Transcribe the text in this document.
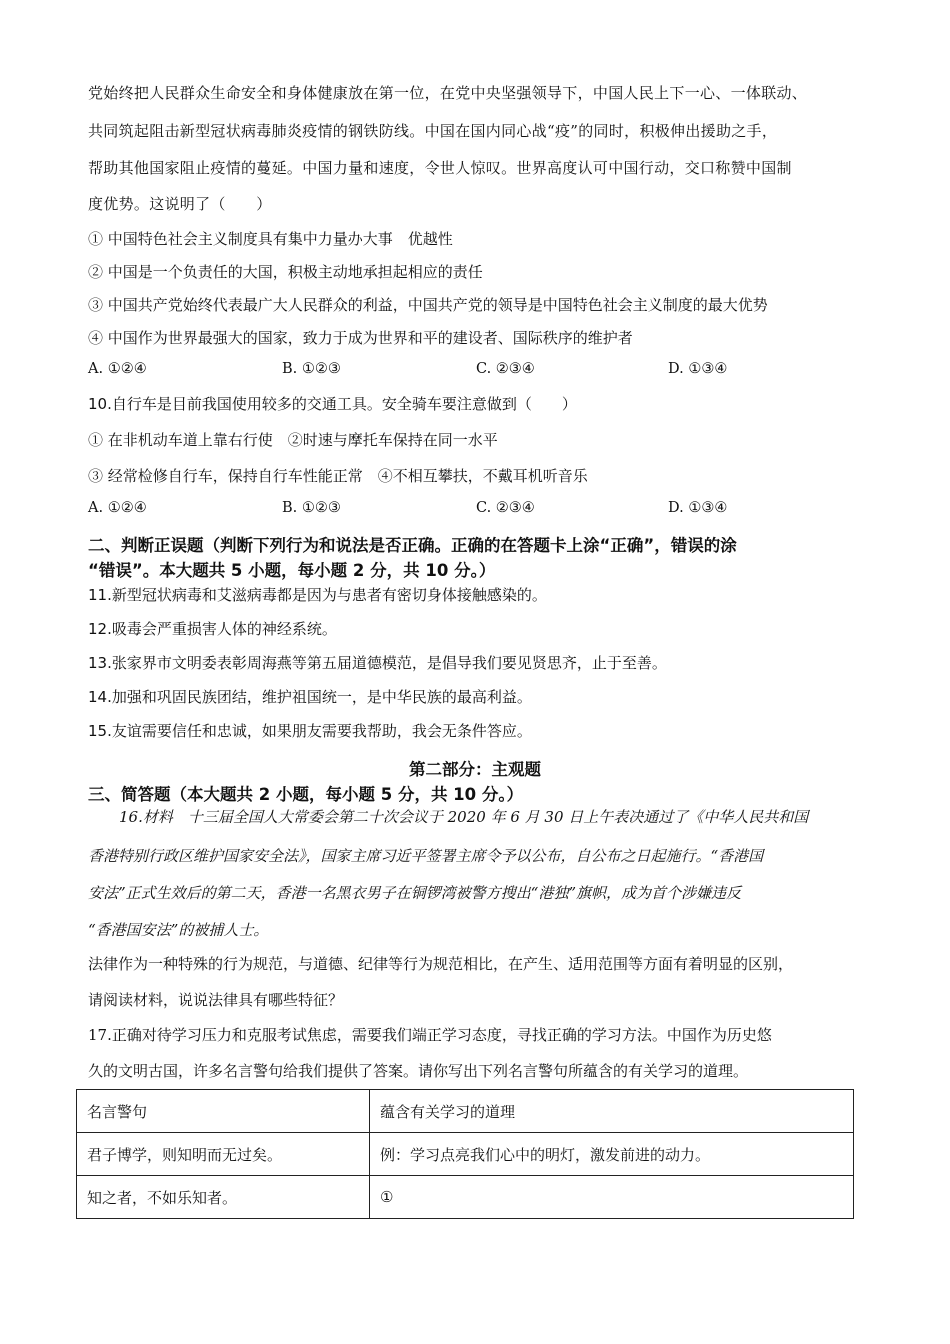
党始终把人民群众生命安全和身体健康放在第一位，在党中央坚强领导下，中国人民上下一心、一体联动、
共同筑起阻击新型冠状病毒肺炎疫情的钢铁防线。中国在国内同心战“疫”的同时，积极伸出援助之手，
帮助其他国家阻止疫情的蔓延。中国力量和速度，令世人惊叹。世界高度认可中国行动，交口称赞中国制
度优势。这说明了（　　）
① 中国特色社会主义制度具有集中力量办大事　优越性
② 中国是一个负责任的大国，积极主动地承担起相应的责任
③ 中国共产党始终代表最广大人民群众的利益，中国共产党的领导是中国特色社会主义制度的最大优势
④ 中国作为世界最强大的国家，致力于成为世界和平的建设者、国际秩序的维护者
A. ①②④	B. ①②③	C. ②③④	D. ①③④
10.自行车是目前我国使用较多的交通工具。安全骑车要注意做到（　　）
① 在非机动车道上靠右行使　②时速与摩托车保持在同一水平
③ 经常检修自行车，保持自行车性能正常　④不相互攀扶，不戴耳机听音乐
A. ①②④	B. ①②③	C. ②③④	D. ①③④
二、判断正误题（判断下列行为和说法是否正确。正确的在答题卡上涂“正确”，错误的涂
“错误”。本大题共 5 小题，每小题 2 分，共 10 分。）
11.新型冠状病毒和艾滋病毒都是因为与患者有密切身体接触感染的。
12.吸毒会严重损害人体的神经系统。
13.张家界市文明委表彰周海燕等第五届道德模范，是倡导我们要见贤思齐，止于至善。
14.加强和巩固民族团结，维护祖国统一，是中华民族的最高利益。
15.友谊需要信任和忠诚，如果朋友需要我帮助，我会无条件答应。
第二部分：主观题
三、简答题（本大题共 2 小题，每小题 5 分，共 10 分。）
16.材料　十三届全国人大常委会第二十次会议于 2020 年 6 月 30 日上午表决通过了《中华人民共和国
香港特别行政区维护国家安全法》，国家主席习近平签署主席令予以公布，自公布之日起施行。“香港国
安法”正式生效后的第二天，香港一名黑衣男子在铜锣湾被警方搜出“港独”旗帜，成为首个涉嫌违反
“香港国安法”的被捕人士。
法律作为一种特殊的行为规范，与道德、纪律等行为规范相比，在产生、适用范围等方面有着明显的区别，
请阅读材料，说说法律具有哪些特征？
17.正确对待学习压力和克服考试焦虑，需要我们端正学习态度，寻找正确的学习方法。中国作为历史悠
久的文明古国，许多名言警句给我们提供了答案。请你写出下列名言警句所蕴含的有关学习的道理。
名言警句	蕴含有关学习的道理
君子博学，则知明而无过矣。	例：学习点亮我们心中的明灯，激发前进的动力。
知之者，不如乐知者。	①
